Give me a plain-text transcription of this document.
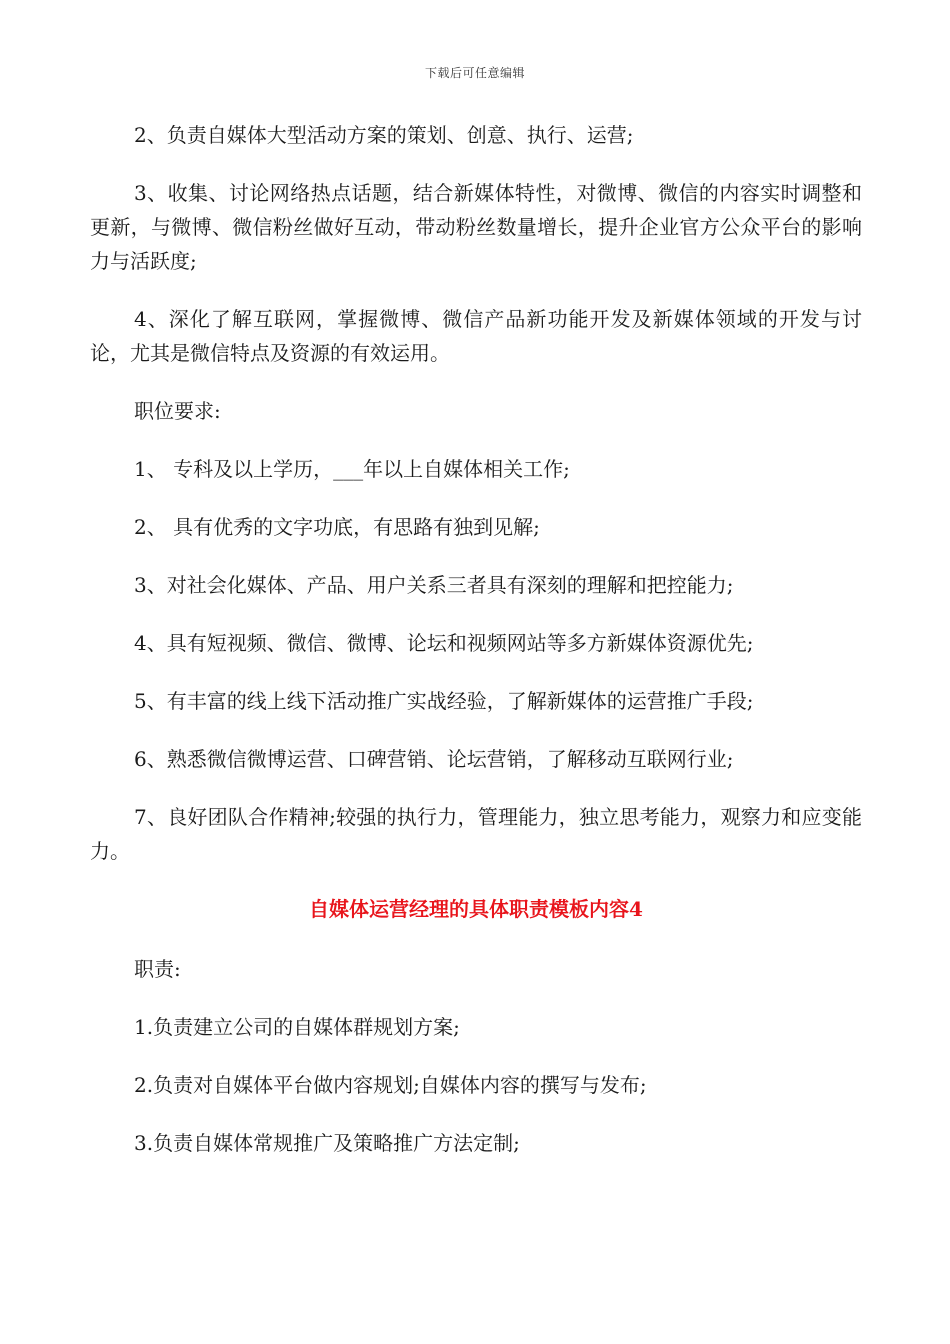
下载后可任意编辑

2、负责自媒体大型活动方案的策划、创意、执行、运营;

3、收集、讨论网络热点话题，结合新媒体特性，对微博、微信的内容实时调整和更新，与微博、微信粉丝做好互动，带动粉丝数量增长，提升企业官方公众平台的影响力与活跃度;

4、深化了解互联网，掌握微博、微信产品新功能开发及新媒体领域的开发与讨论，尤其是微信特点及资源的有效运用。

职位要求:

1、 专科及以上学历，___年以上自媒体相关工作;

2、 具有优秀的文字功底，有思路有独到见解;

3、对社会化媒体、产品、用户关系三者具有深刻的理解和把控能力;

4、具有短视频、微信、微博、论坛和视频网站等多方新媒体资源优先;

5、有丰富的线上线下活动推广实战经验，了解新媒体的运营推广手段;

6、熟悉微信微博运营、口碑营销、论坛营销，了解移动互联网行业;

7、良好团队合作精神;较强的执行力，管理能力，独立思考能力，观察力和应变能力。

自媒体运营经理的具体职责模板内容4

职责:

1.负责建立公司的自媒体群规划方案;

2.负责对自媒体平台做内容规划;自媒体内容的撰写与发布;

3.负责自媒体常规推广及策略推广方法定制;
